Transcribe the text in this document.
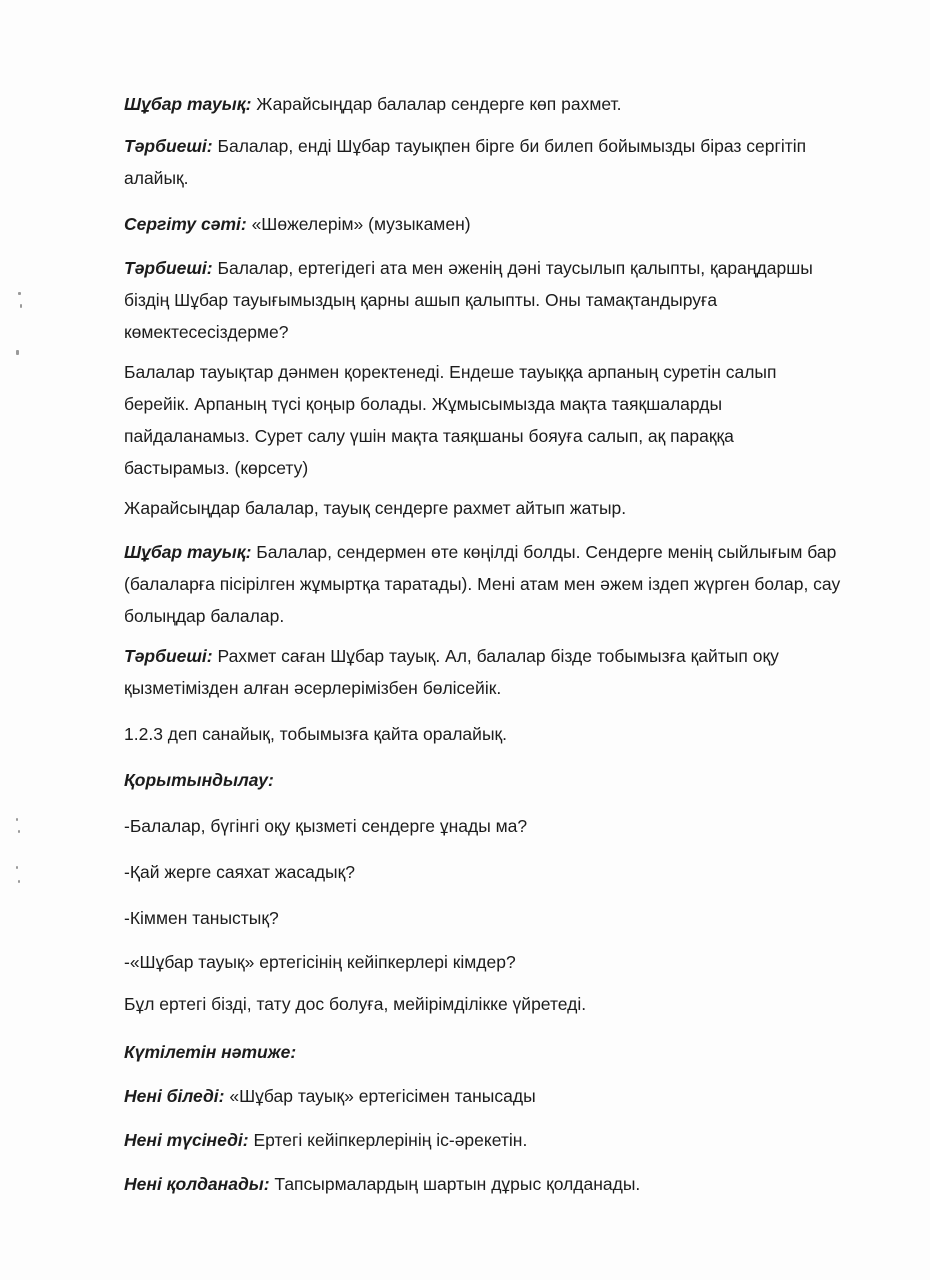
Шұбар тауық: Жарайсыңдар балалар сендерге көп рахмет.

Тәрбиеші: Балалар, енді Шұбар тауықпен бірге би билеп бойымызды біраз сергітіп алайық.

Сергіту сәті: «Шөжелерім» (музыкамен)

Тәрбиеші: Балалар, ертегідегі ата мен әженің дәні таусылып қалыпты, қараңдаршы біздің Шұбар тауығымыздың қарны ашып қалыпты. Оны тамақтандыруға көмектесесіздерме?

Балалар тауықтар дәнмен қоректенеді. Ендеше тауыққа арпаның суретін салып берейік. Арпаның түсі қоңыр болады. Жұмысымызда мақта таяқшаларды пайдаланамыз. Сурет салу үшін мақта таяқшаны бояуға салып, ақ параққа бастырамыз. (көрсету)

Жарайсыңдар балалар, тауық сендерге рахмет айтып жатыр.

Шұбар тауық: Балалар, сендермен өте көңілді болды. Сендерге менің сыйлығым бар (балаларға пісірілген жұмыртқа таратады). Мені атам мен әжем іздеп жүрген болар, сау болыңдар балалар.

Тәрбиеші: Рахмет саған Шұбар тауық. Ал, балалар бізде тобымызға қайтып оқу қызметімізден алған әсерлерімізбен бөлісейік.

1.2.3 деп санайық, тобымызға қайта оралайық.

Қорытындылау:

-Балалар, бүгінгі оқу қызметі сендерге ұнады ма?

-Қай жерге саяхат жасадық?

-Кіммен таныстық?

-«Шұбар тауық» ертегісінің кейіпкерлері кімдер?

Бұл ертегі бізді, тату дос болуға, мейірімділікке үйретеді.

Күтілетін нәтиже:

Нені біледі: «Шұбар тауық» ертегісімен танысады

Нені түсінеді: Ертегі кейіпкерлерінің іс-әрекетін.

Нені қолданады: Тапсырмалардың шартын дұрыс қолданады.
